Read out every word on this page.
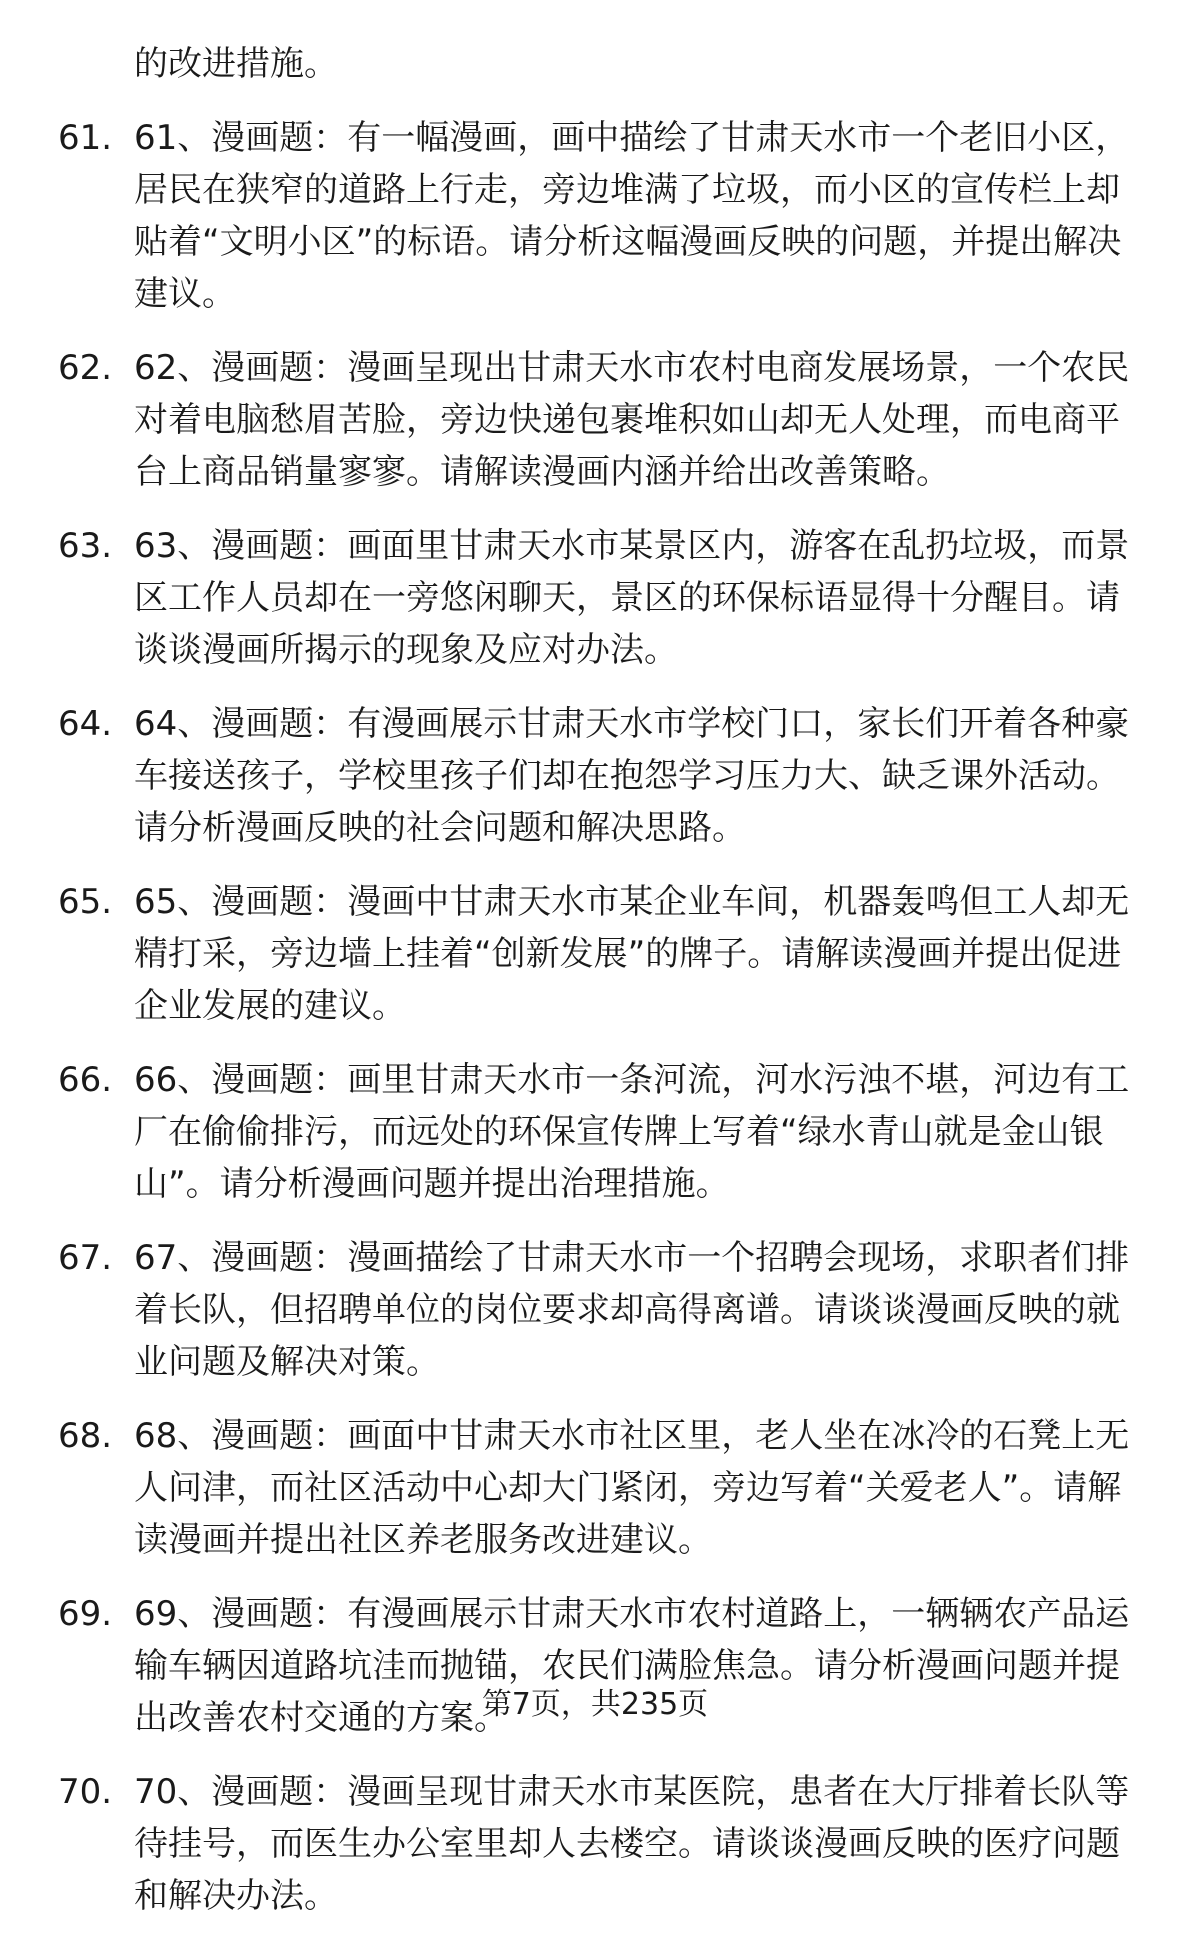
的改进措施。
61. 61、漫画题：有一幅漫画，画中描绘了甘肃天水市一个老旧小区，居民在狭窄的道路上行走，旁边堆满了垃圾，而小区的宣传栏上却贴着“文明小区”的标语。请分析这幅漫画反映的问题，并提出解决建议。
62. 62、漫画题：漫画呈现出甘肃天水市农村电商发展场景，一个农民对着电脑愁眉苦脸，旁边快递包裹堆积如山却无人处理，而电商平台上商品销量寥寥。请解读漫画内涵并给出改善策略。
63. 63、漫画题：画面里甘肃天水市某景区内，游客在乱扔垃圾，而景区工作人员却在一旁悠闲聊天，景区的环保标语显得十分醒目。请谈谈漫画所揭示的现象及应对办法。
64. 64、漫画题：有漫画展示甘肃天水市学校门口，家长们开着各种豪车接送孩子，学校里孩子们却在抱怨学习压力大、缺乏课外活动。请分析漫画反映的社会问题和解决思路。
65. 65、漫画题：漫画中甘肃天水市某企业车间，机器轰鸣但工人却无精打采，旁边墙上挂着“创新发展”的牌子。请解读漫画并提出促进企业发展的建议。
66. 66、漫画题：画里甘肃天水市一条河流，河水污浊不堪，河边有工厂在偷偷排污，而远处的环保宣传牌上写着“绿水青山就是金山银山”。请分析漫画问题并提出治理措施。
67. 67、漫画题：漫画描绘了甘肃天水市一个招聘会现场，求职者们排着长队，但招聘单位的岗位要求却高得离谱。请谈谈漫画反映的就业问题及解决对策。
68. 68、漫画题：画面中甘肃天水市社区里，老人坐在冰冷的石凳上无人问津，而社区活动中心却大门紧闭，旁边写着“关爱老人”。请解读漫画并提出社区养老服务改进建议。
69. 69、漫画题：有漫画展示甘肃天水市农村道路上，一辆辆农产品运输车辆因道路坑洼而抛锚，农民们满脸焦急。请分析漫画问题并提出改善农村交通的方案。
70. 70、漫画题：漫画呈现甘肃天水市某医院，患者在大厅排着长队等待挂号，而医生办公室里却人去楼空。请谈谈漫画反映的医疗问题和解决办法。
第7页，共235页
